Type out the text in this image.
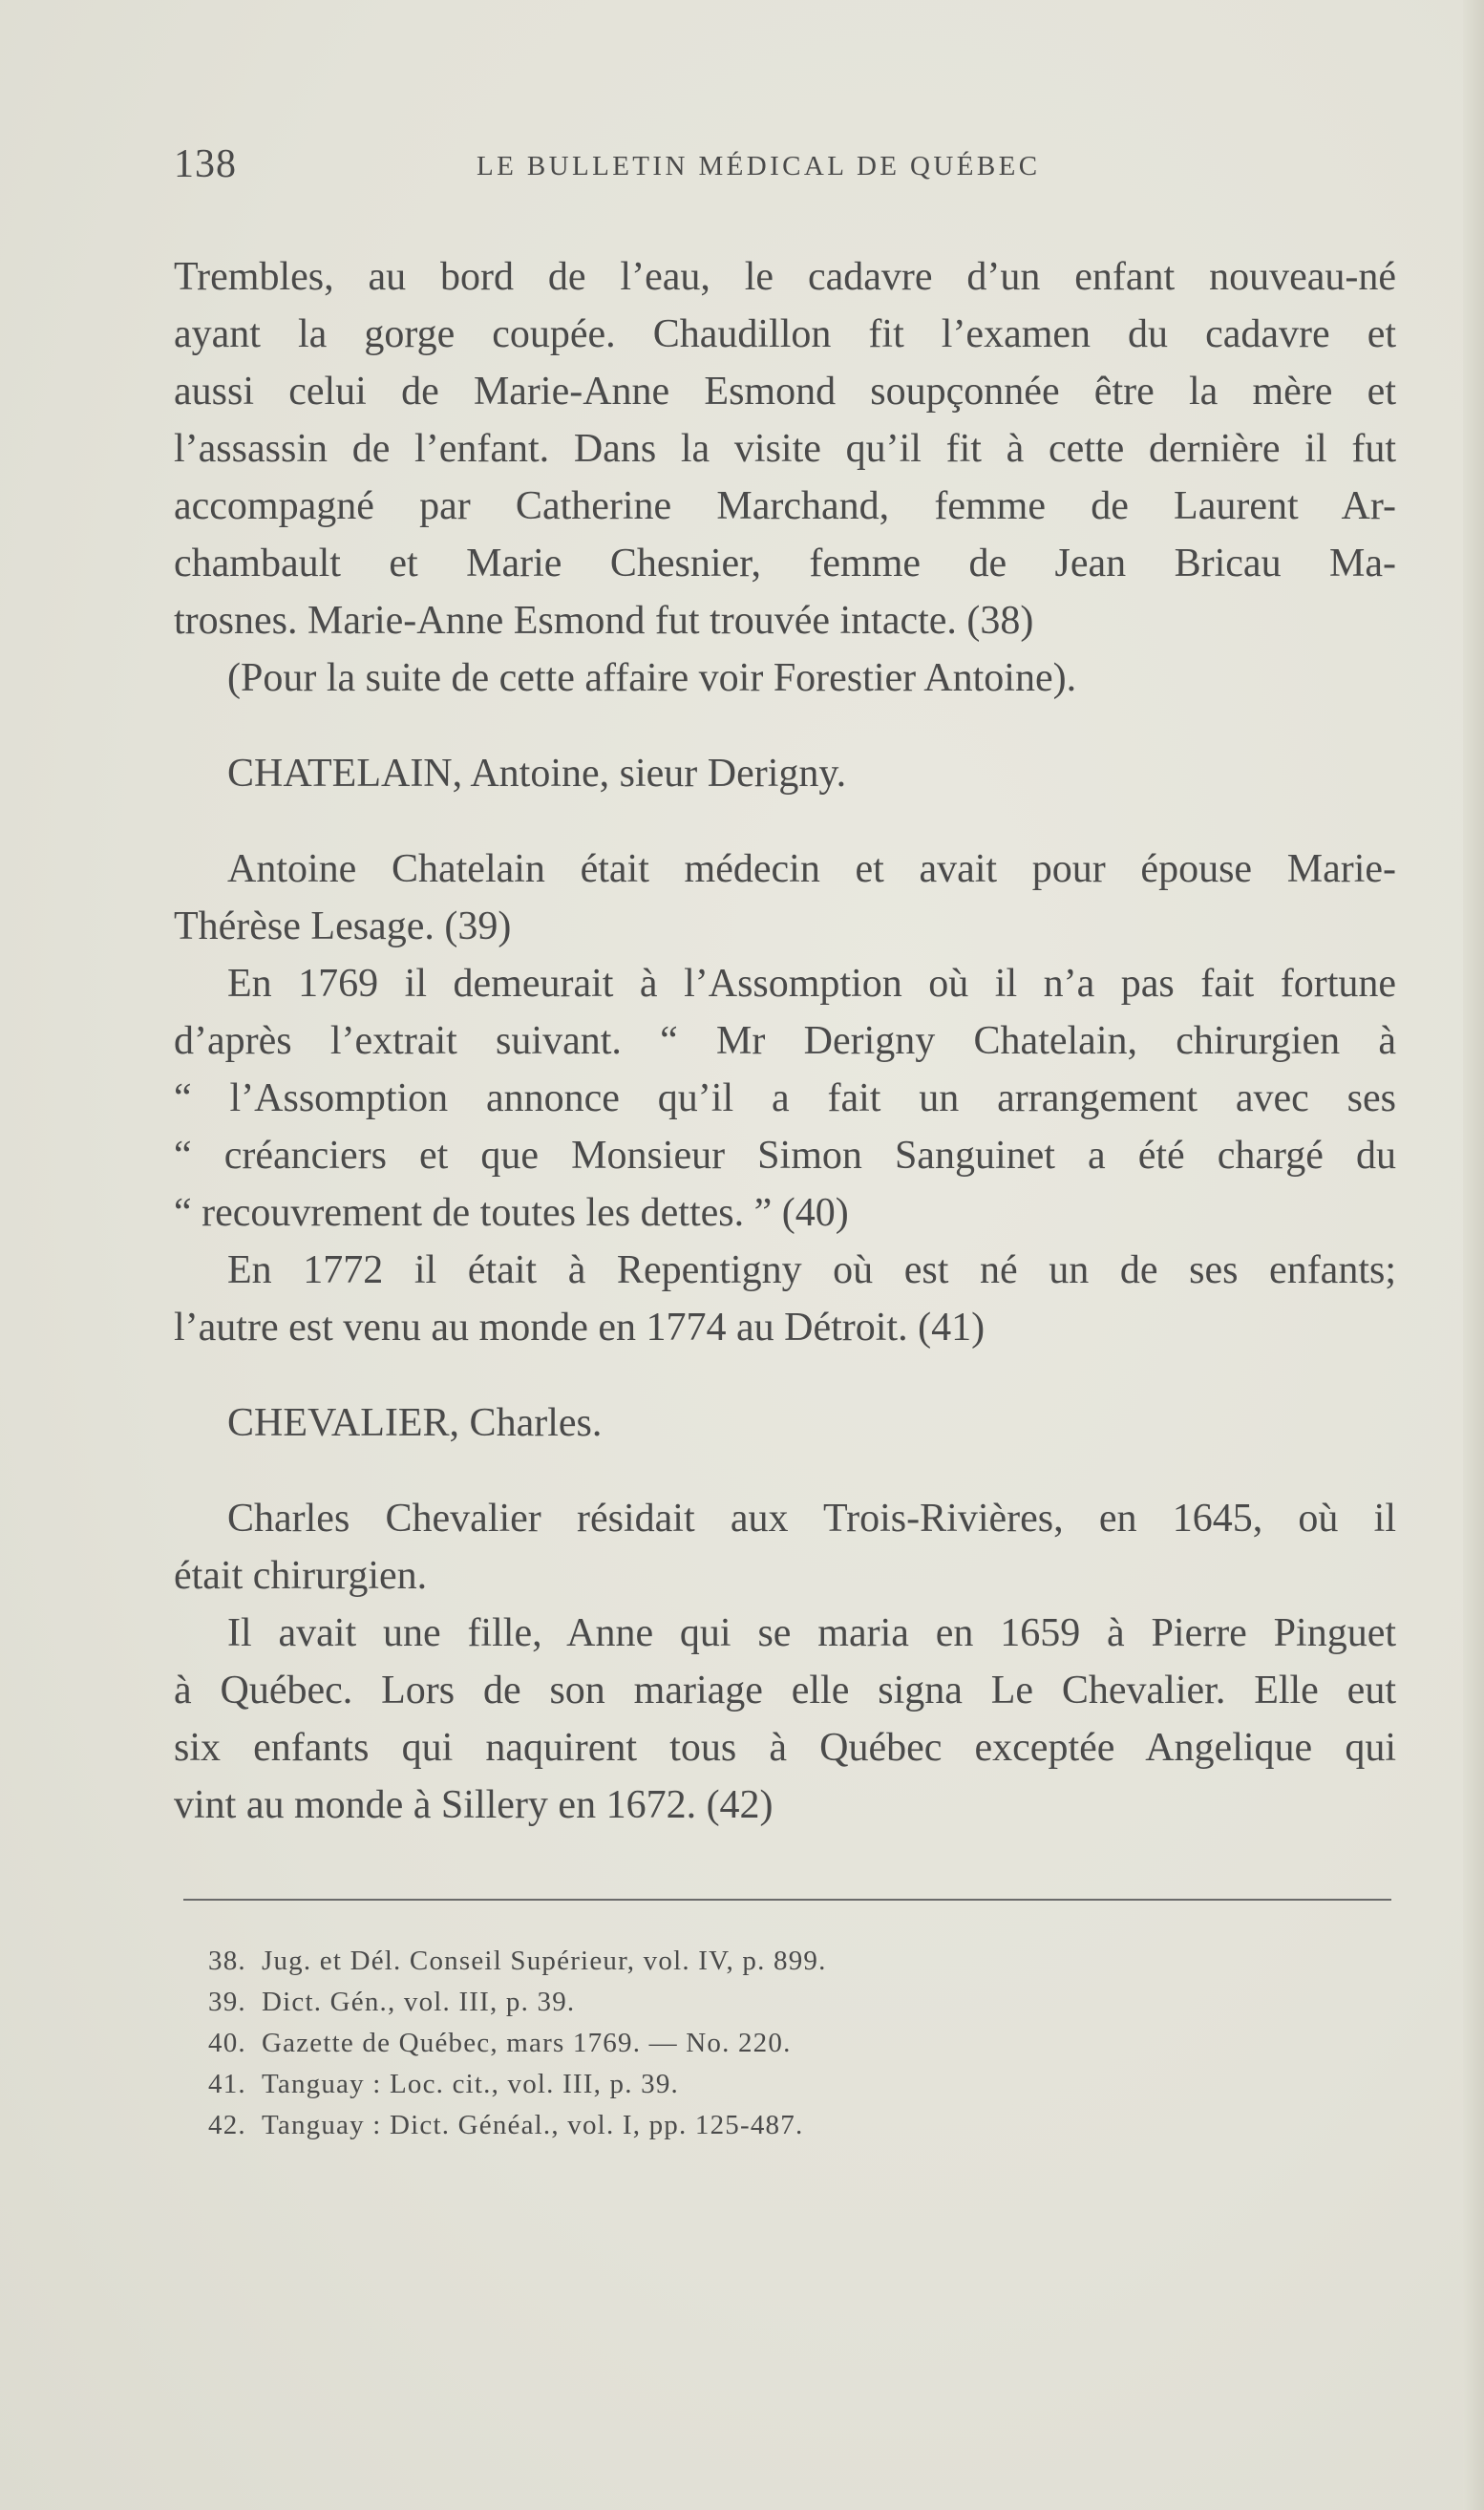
138	LE BULLETIN MÉDICAL DE QUÉBEC
Trembles, au bord de l’eau, le cadavre d’un enfant nouveau-né
ayant la gorge coupée. Chaudillon fit l’examen du cadavre et
aussi celui de Marie-Anne Esmond soupçonnée être la mère et
l’assassin de l’enfant. Dans la visite qu’il fit à cette dernière il fut
accompagné par Catherine Marchand, femme de Laurent Ar-
chambault et Marie Chesnier, femme de Jean Bricau Ma-
trosnes. Marie-Anne Esmond fut trouvée intacte. (38)
(Pour la suite de cette affaire voir Forestier Antoine).
CHATELAIN, Antoine, sieur Derigny.
Antoine Chatelain était médecin et avait pour épouse Marie-
Thérèse Lesage. (39)
En 1769 il demeurait à l’Assomption où il n’a pas fait fortune
d’après l’extrait suivant. “ Mr Derigny Chatelain, chirurgien à
“ l’Assomption annonce qu’il a fait un arrangement avec ses
“ créanciers et que Monsieur Simon Sanguinet a été chargé du
“ recouvrement de toutes les dettes. ” (40)
En 1772 il était à Repentigny où est né un de ses enfants;
l’autre est venu au monde en 1774 au Détroit. (41)
CHEVALIER, Charles.
Charles Chevalier résidait aux Trois-Rivières, en 1645, où il
était chirurgien.
Il avait une fille, Anne qui se maria en 1659 à Pierre Pinguet
à Québec. Lors de son mariage elle signa Le Chevalier. Elle eut
six enfants qui naquirent tous à Québec exceptée Angelique qui
vint au monde à Sillery en 1672. (42)
38. Jug. et Dél. Conseil Supérieur, vol. IV, p. 899.
39. Dict. Gén., vol. III, p. 39.
40. Gazette de Québec, mars 1769. — No. 220.
41. Tanguay : Loc. cit., vol. III, p. 39.
42. Tanguay : Dict. Généal., vol. I, pp. 125-487.
